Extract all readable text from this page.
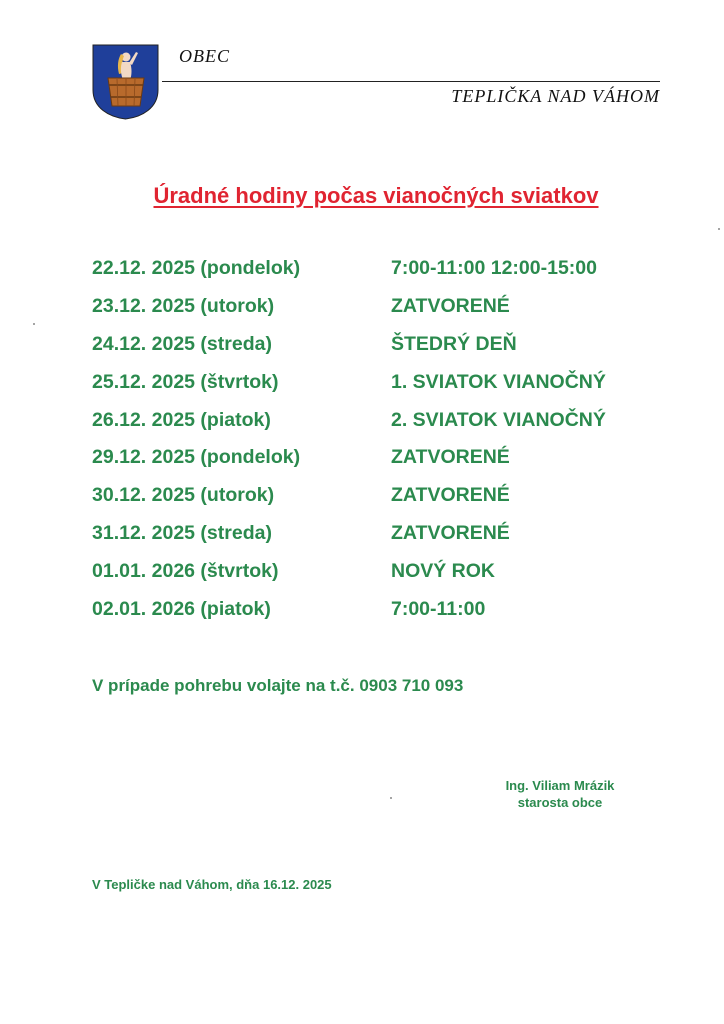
OBEC
TEPLIČKA NAD VÁHOM
Úradné hodiny počas vianočných sviatkov
22.12. 2025 (pondelok)	7:00-11:00 12:00-15:00
23.12. 2025 (utorok)	ZATVORENÉ
24.12. 2025 (streda)	ŠTEDRÝ DEŇ
25.12. 2025 (štvrtok)	1. SVIATOK VIANOČNÝ
26.12. 2025 (piatok)	2. SVIATOK VIANOČNÝ
29.12. 2025 (pondelok)	ZATVORENÉ
30.12. 2025 (utorok)	ZATVORENÉ
31.12. 2025 (streda)	ZATVORENÉ
01.01. 2026 (štvrtok)	NOVÝ ROK
02.01. 2026 (piatok)	7:00-11:00
V prípade pohrebu volajte na t.č. 0903 710 093
Ing. Viliam Mrázik
starosta obce
V Tepličke nad Váhom, dňa 16.12. 2025
